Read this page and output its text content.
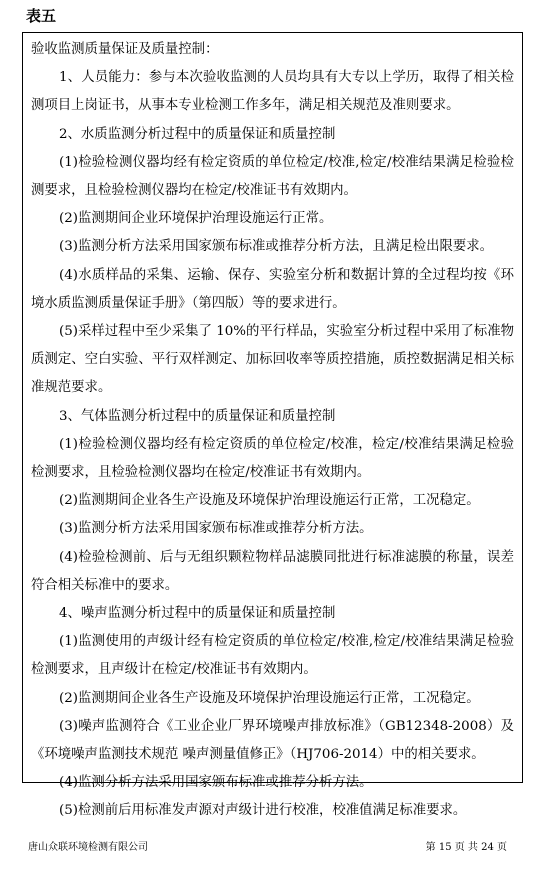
表五

验收监测质量保证及质量控制：

1、人员能力：参与本次验收监测的人员均具有大专以上学历，取得了相关检测项目上岗证书，从事本专业检测工作多年，满足相关规范及准则要求。

2、水质监测分析过程中的质量保证和质量控制

(1)检验检测仪器均经有检定资质的单位检定/校准,检定/校准结果满足检验检测要求，且检验检测仪器均在检定/校准证书有效期内。

(2)监测期间企业环境保护治理设施运行正常。

(3)监测分析方法采用国家颁布标准或推荐分析方法，且满足检出限要求。

(4)水质样品的采集、运输、保存、实验室分析和数据计算的全过程均按《环境水质监测质量保证手册》（第四版）等的要求进行。

(5)采样过程中至少采集了 10%的平行样品，实验室分析过程中采用了标准物质测定、空白实验、平行双样测定、加标回收率等质控措施，质控数据满足相关标准规范要求。

3、气体监测分析过程中的质量保证和质量控制

(1)检验检测仪器均经有检定资质的单位检定/校准，检定/校准结果满足检验检测要求，且检验检测仪器均在检定/校准证书有效期内。

(2)监测期间企业各生产设施及环境保护治理设施运行正常，工况稳定。

(3)监测分析方法采用国家颁布标准或推荐分析方法。

(4)检验检测前、后与无组织颗粒物样品滤膜同批进行标准滤膜的称量，误差符合相关标准中的要求。

4、噪声监测分析过程中的质量保证和质量控制

(1)监测使用的声级计经有检定资质的单位检定/校准,检定/校准结果满足检验检测要求，且声级计在检定/校准证书有效期内。

(2)监测期间企业各生产设施及环境保护治理设施运行正常，工况稳定。

(3)噪声监测符合《工业企业厂界环境噪声排放标准》（GB12348-2008）及《环境噪声监测技术规范 噪声测量值修正》（HJ706-2014）中的相关要求。

(4)监测分析方法采用国家颁布标准或推荐分析方法。

(5)检测前后用标准发声源对声级计进行校准，校准值满足标准要求。

唐山众联环境检测有限公司	第 15 页 共 24 页
